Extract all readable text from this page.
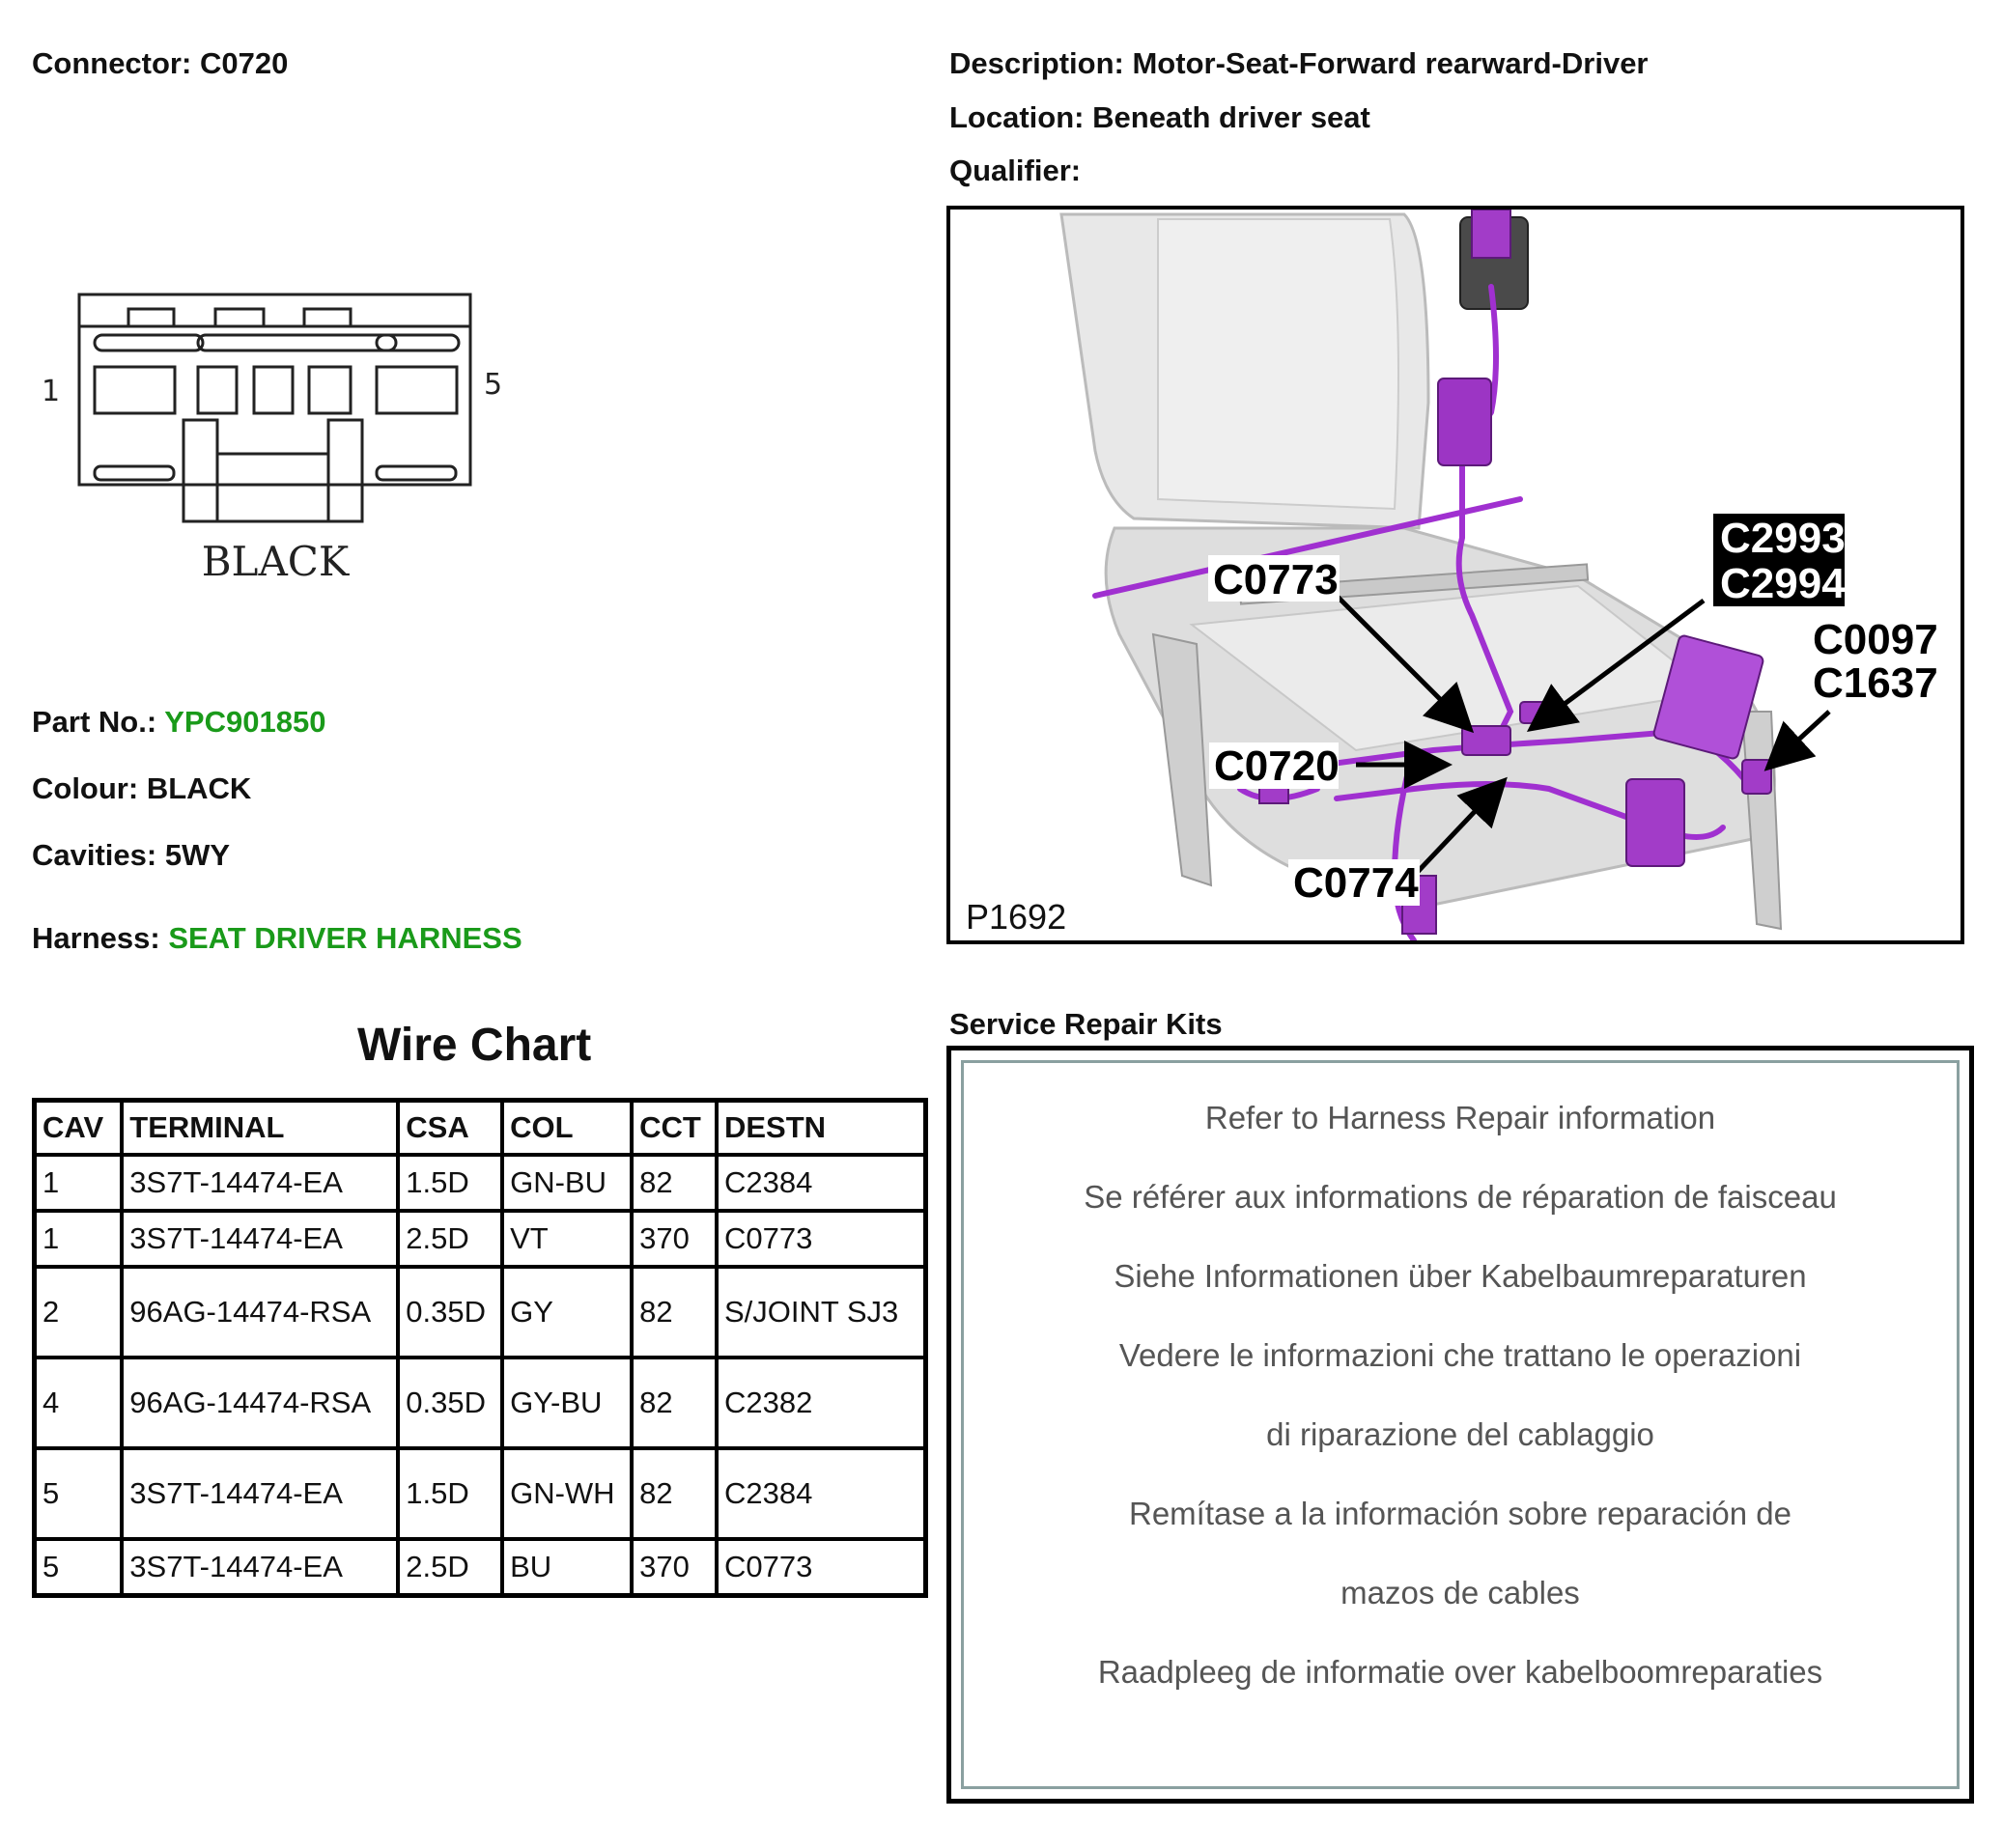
Connector: C0720	Description: Motor-Seat-Forward rearward-Driver
Location: Beneath driver seat
Qualifier:
1	5
BLACK
Part No.: YPC901850
Colour: BLACK
Cavities: 5WY
Harness: SEAT DRIVER HARNESS
Wire Chart
CAV	TERMINAL	CSA	COL	CCT	DESTN
1	3S7T-14474-EA	1.5D	GN-BU	82	C2384
1	3S7T-14474-EA	2.5D	VT	370	C0773
2	96AG-14474-RSA	0.35D	GY	82	S/JOINT SJ3
4	96AG-14474-RSA	0.35D	GY-BU	82	C2382
5	3S7T-14474-EA	1.5D	GN-WH	82	C2384
5	3S7T-14474-EA	2.5D	BU	370	C0773
C0773
C2993
C2994
C0097
C1637
C0720
C0774
P1692
Service Repair Kits
Refer to Harness Repair information
Se référer aux informations de réparation de faisceau
Siehe Informationen über Kabelbaumreparaturen
Vedere le informazioni che trattano le operazioni
di riparazione del cablaggio
Remítase a la información sobre reparación de
mazos de cables
Raadpleeg de informatie over kabelboomreparaties
